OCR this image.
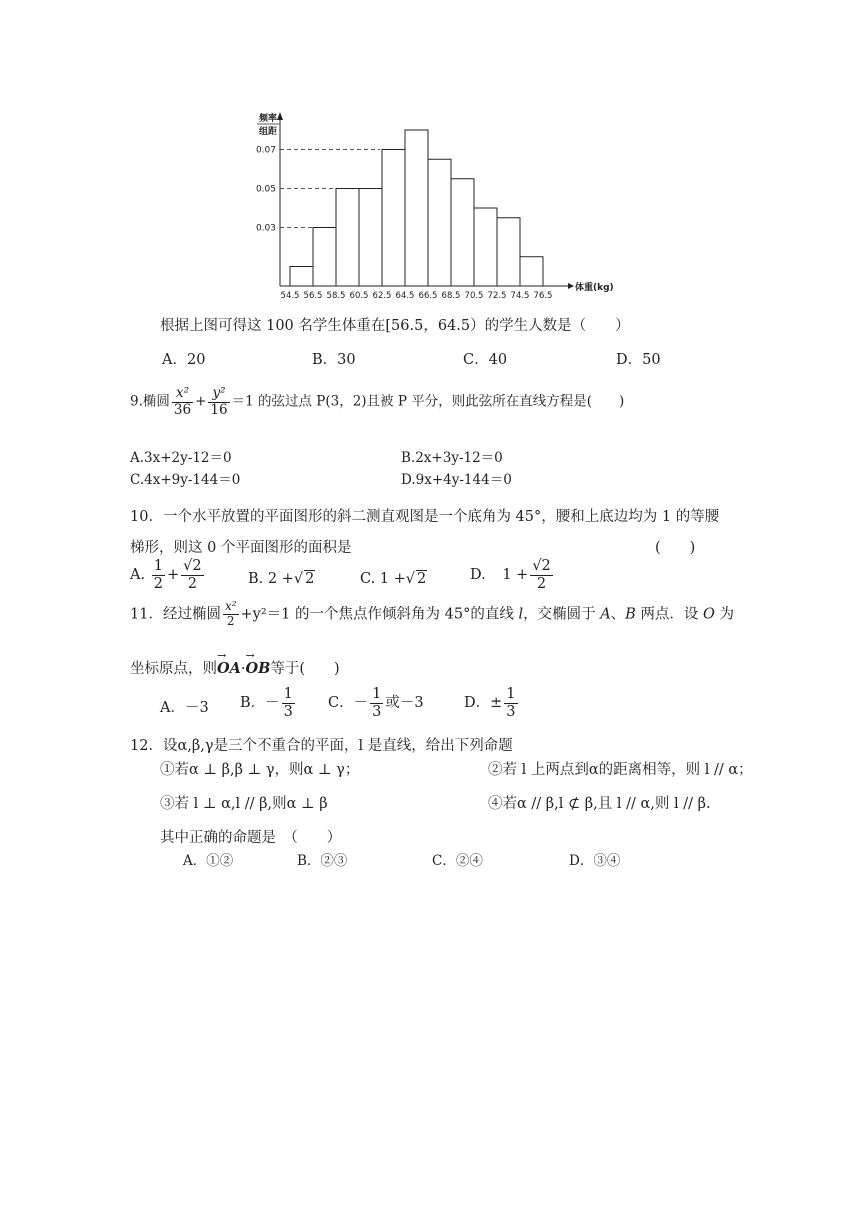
频率
组距
0.03
0.05
0.07
54.5 56.5 58.5 60.5 62.5 64.5 66.5 68.5 70.5 72.5 74.5 76.5
体重(kg)
根据上图可得这 100 名学生体重在[56.5，64.5）的学生人数是（　　）
A．20	B．30	C．40	D．50
9.椭圆 $\frac{\text{x²}}{36} + \frac{\text{y²}}{16} =1$ 的弦过点 P(3，2)且被 P 平分，则此弦所在直线方程是(　　)
A.3x+2y-12＝0	B.2x+3y-12＝0
C.4x+9y-144＝0	D.9x+4y-144＝0
10．一个水平放置的平面图形的斜二测直观图是一个底角为 45°，腰和上底边均为 1 的等腰
梯形，则这 0 个平面图形的面积是	(　　)
A. $\frac{1}{2} + \frac{√2}{2}$	B. 2 +√ 2	C. 1 +√ 2	D. $1 + \frac{√2}{2}$
11．经过椭圆 $\frac{\text{x²}}{2} +y^2=1$ 的一个焦点作倾斜角为 45°的直线 l，交椭圆于 A、B 两点．设 O 为
坐标原点，则→ OA·→ OB等于(　　)
A．－3 B．－ $\frac{1}{3}$ C．－ $\frac{1}{3}$ 或－3	D．± $\frac{1}{3}$
12．设α,β,γ是三个不重合的平面，l 是直线，给出下列命题
①若α ⊥ β,β ⊥ γ，则α ⊥ γ；	②若 l 上两点到α的距离相等，则 l // α；
③若 l ⊥ α,l // β,则α ⊥ β	④若α // β,l ⊄ β,且 l // α,则 l // β.
其中正确的命题是　（　　）
A．①②	B．②③	C．②④	D．③④
